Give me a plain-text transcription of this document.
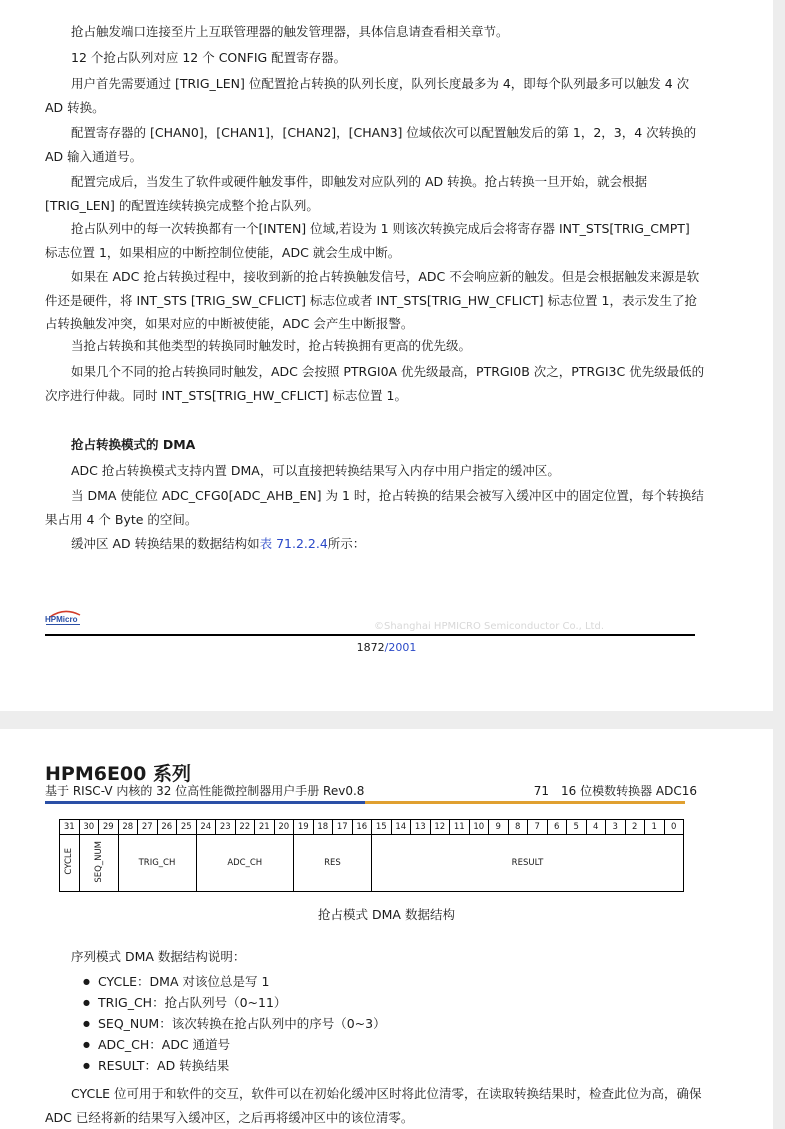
抢占触发端口连接至片上互联管理器的触发管理器，具体信息请查看相关章节。

12 个抢占队列对应 12 个 CONFIG 配置寄存器。

用户首先需要通过 [TRIG_LEN] 位配置抢占转换的队列长度，队列长度最多为 4，即每个队列最多可以触发 4 次 AD 转换。

配置寄存器的 [CHAN0]，[CHAN1]，[CHAN2]，[CHAN3] 位域依次可以配置触发后的第 1，2，3，4 次转换的 AD 输入通道号。

配置完成后，当发生了软件或硬件触发事件，即触发对应队列的 AD 转换。抢占转换一旦开始，就会根据 [TRIG_LEN] 的配置连续转换完成整个抢占队列。

抢占队列中的每一次转换都有一个[INTEN] 位域,若设为 1 则该次转换完成后会将寄存器 INT_STS[TRIG_CMPT] 标志位置 1，如果相应的中断控制位使能，ADC 就会生成中断。

如果在 ADC 抢占转换过程中，接收到新的抢占转换触发信号，ADC 不会响应新的触发。但是会根据触发来源是软件还是硬件，将 INT_STS [TRIG_SW_CFLICT] 标志位或者 INT_STS[TRIG_HW_CFLICT] 标志位置 1，表示发生了抢占转换触发冲突，如果对应的中断被使能，ADC 会产生中断报警。

当抢占转换和其他类型的转换同时触发时，抢占转换拥有更高的优先级。

如果几个不同的抢占转换同时触发，ADC 会按照 PTRGI0A 优先级最高，PTRGI0B 次之，PTRGI3C 优先级最低的次序进行仲裁。同时 INT_STS[TRIG_HW_CFLICT] 标志位置 1。

抢占转换模式的 DMA

ADC 抢占转换模式支持内置 DMA，可以直接把转换结果写入内存中用户指定的缓冲区。

当 DMA 使能位 ADC_CFG0[ADC_AHB_EN] 为 1 时，抢占转换的结果会被写入缓冲区中的固定位置，每个转换结果占用 4 个 Byte 的空间。

缓冲区 AD 转换结果的数据结构如表 71.2.2.4所示：

HPMicro
©Shanghai HPMICRO Semiconductor Co., Ltd.
1872/2001
HPM6E00 系列
基于 RISC-V 内核的 32 位高性能微控制器用户手册 Rev0.8	71　16 位模数转换器 ADC16
31	30	29	28	27	26	25	24	23	22	21	20	19	18	17	16	15	14	13	12	11	10	9	8	7	6	5	4	3	2	1	0
CYCLE	SEQ_NUM		TRIG_CH				ADC_CH					RES				RESULT															

抢占模式 DMA 数据结构

序列模式 DMA 数据结构说明：

● CYCLE：DMA 对该位总是写 1
● TRIG_CH：抢占队列号（0~11）
● SEQ_NUM：该次转换在抢占队列中的序号（0~3）
● ADC_CH：ADC 通道号
● RESULT：AD 转换结果

CYCLE 位可用于和软件的交互，软件可以在初始化缓冲区时将此位清零，在读取转换结果时，检查此位为高，确保 ADC 已经将新的结果写入缓冲区，之后再将缓冲区中的该位清零。
